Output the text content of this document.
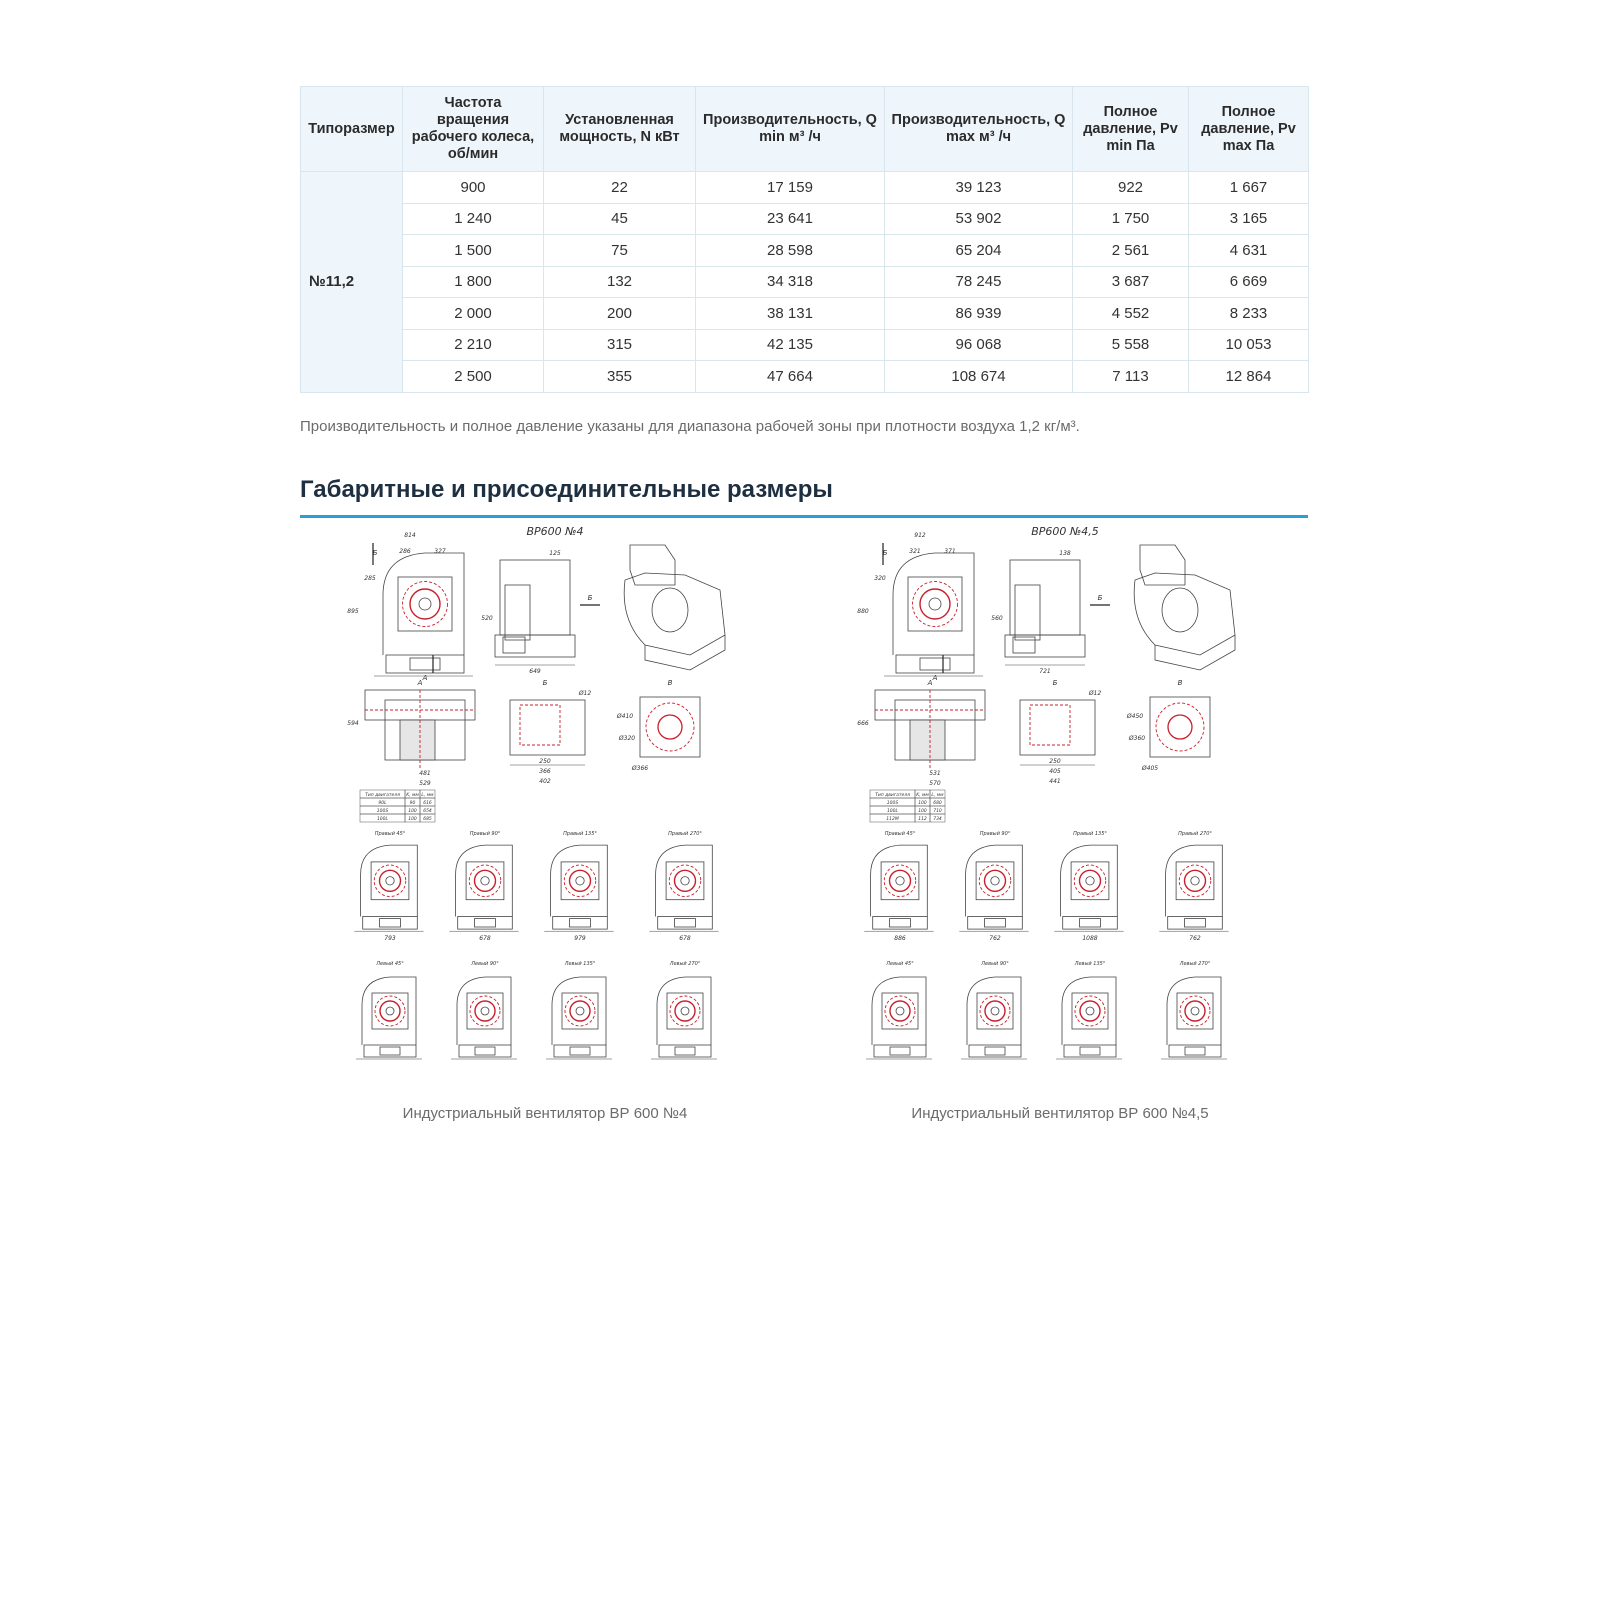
Типоразмер	Частота вращения рабочего колеса, об/мин	Установленная мощность, N кВт	Производительность, Q min м³ /ч	Производительность, Q max м³ /ч	Полное давление, Pv min Па	Полное давление, Pv max Па
№11,2	900	22	17 159	39 123	922	1 667
	1 240	45	23 641	53 902	1 750	3 165
	1 500	75	28 598	65 204	2 561	4 631
	1 800	132	34 318	78 245	3 687	6 669
	2 000	200	38 131	86 939	4 552	8 233
	2 210	315	42 135	96 068	5 558	10 053
	2 500	355	47 664	108 674	7 113	12 864
Производительность и полное давление указаны для диапазона рабочей зоны при плотности воздуха 1,2 кг/м³.
Габаритные и присоединительные размеры
ВР600 №4
814
286	327
895
285
Б
А
649
125
520
Б
А
594
481
529
Б
250
366
402
Ø12
В
Ø410
Ø320
Ø366
Тип двигателя K, мм L, мм
90L	90 616
100S	100 654
100L	100 685
Правый 45°
793
Правый 90°
678
Правый 135°
979
Правый 270°
678
Левый 45°	Левый 90°	Левый 135°	Левый 270°
ВР600 №4,5
912
321	371
880
320
Б
А
721
138
560
Б
А
666
531
570
Б
250
405
441
Ø12
В
Ø450
Ø360
Ø405
Тип двигателя K, мм L, мм
100S	100 680
100L	100 710
112M	112 734
Правый 45°
886
Правый 90°
762
Правый 135°
1088
Правый 270°
762
Левый 45°	Левый 90°	Левый 135°	Левый 270°
Индустриальный вентилятор ВР 600 №4	Индустриальный вентилятор ВР 600 №4,5
